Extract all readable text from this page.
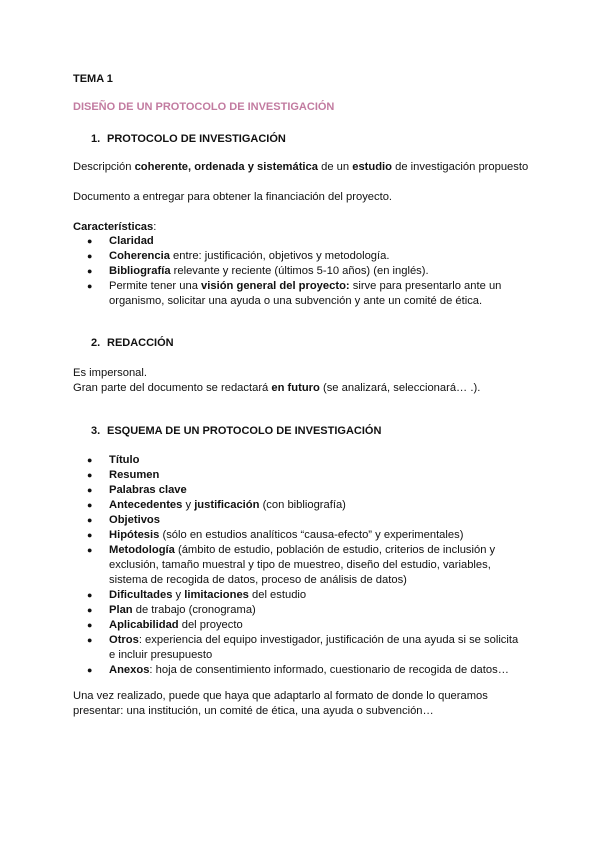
TEMA 1

DISEÑO DE UN PROTOCOLO DE INVESTIGACIÓN

1. PROTOCOLO DE INVESTIGACIÓN

Descripción coherente, ordenada y sistemática de un estudio de investigación propuesto

Documento a entregar para obtener la financiación del proyecto.

Características:

● Claridad
● Coherencia entre: justificación, objetivos y metodología.
● Bibliografía relevante y reciente (últimos 5-10 años) (en inglés).
● Permite tener una visión general del proyecto: sirve para presentarlo ante un organismo, solicitar una ayuda o una subvención y ante un comité de ética.
2. REDACCIÓN

Es impersonal.

Gran parte del documento se redactará en futuro (se analizará, seleccionará… .).

3. ESQUEMA DE UN PROTOCOLO DE INVESTIGACIÓN
● Título
● Resumen
● Palabras clave
● Antecedentes y justificación (con bibliografía)
● Objetivos
● Hipótesis (sólo en estudios analíticos “causa-efecto” y experimentales)
● Metodología (ámbito de estudio, población de estudio, criterios de inclusión y exclusión, tamaño muestral y tipo de muestreo, diseño del estudio, variables, sistema de recogida de datos, proceso de análisis de datos)
● Dificultades y limitaciones del estudio
● Plan de trabajo (cronograma)
● Aplicabilidad del proyecto
● Otros: experiencia del equipo investigador, justificación de una ayuda si se solicita e incluir presupuesto
● Anexos: hoja de consentimiento informado, cuestionario de recogida de datos…

Una vez realizado, puede que haya que adaptarlo al formato de donde lo queramos

presentar: una institución, un comité de ética, una ayuda o subvención…
